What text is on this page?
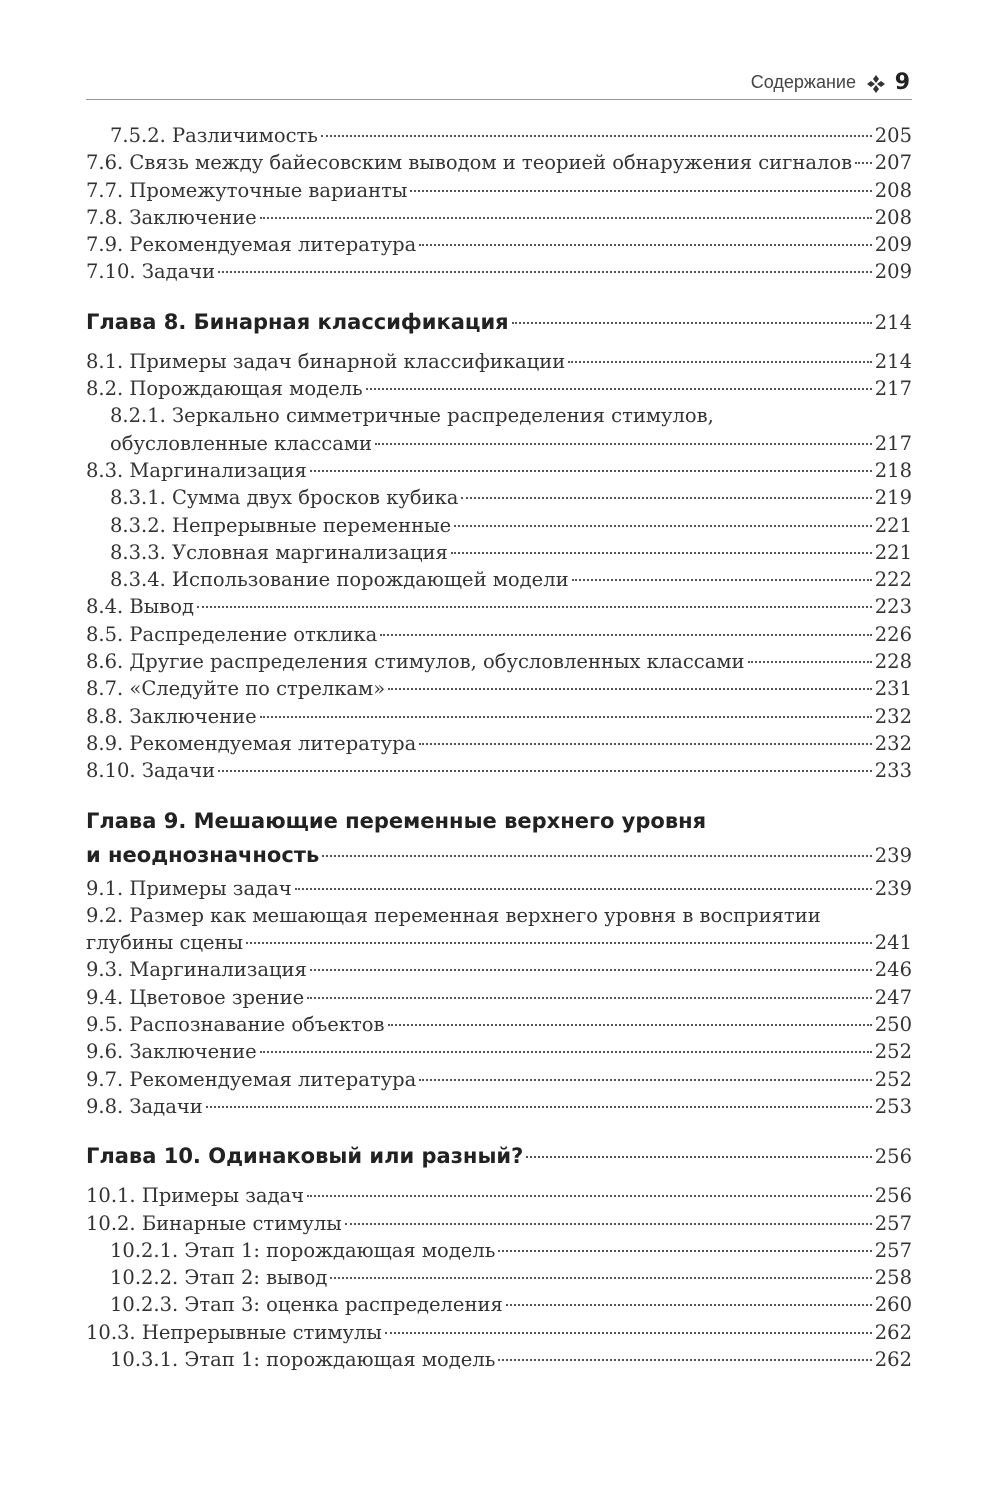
Содержание 9
7.5.2. Различимость	205
7.6. Связь между байесовским выводом и теорией обнаружения сигналов 207
7.7. Промежуточные варианты	208
7.8. Заключение	208
7.9. Рекомендуемая литература	209
7.10. Задачи	209
Глава 8. Бинарная классификация	214
8.1. Примеры задач бинарной классификации	214
8.2. Порождающая модель	217
8.2.1. Зеркально симметричные распределения стимулов,
обусловленные классами	217
8.3. Маргинализация	218
8.3.1. Сумма двух бросков кубика	219
8.3.2. Непрерывные переменные	221
8.3.3. Условная маргинализация	221
8.3.4. Использование порождающей модели	222
8.4. Вывод	223
8.5. Распределение отклика	226
8.6. Другие распределения стимулов, обусловленных классами	228
8.7. «Следуйте по стрелкам»	231
8.8. Заключение	232
8.9. Рекомендуемая литература	232
8.10. Задачи	233
Глава 9. Мешающие переменные верхнего уровня
и неоднозначность	239
9.1. Примеры задач	239
9.2. Размер как мешающая переменная верхнего уровня в восприятии
глубины сцены	241
9.3. Маргинализация	246
9.4. Цветовое зрение	247
9.5. Распознавание объектов	250
9.6. Заключение	252
9.7. Рекомендуемая литература	252
9.8. Задачи	253
Глава 10. Одинаковый или разный?	256
10.1. Примеры задач	256
10.2. Бинарные стимулы	257
10.2.1. Этап 1: порождающая модель	257
10.2.2. Этап 2: вывод	258
10.2.3. Этап 3: оценка распределения	260
10.3. Непрерывные стимулы	262
10.3.1. Этап 1: порождающая модель	262
